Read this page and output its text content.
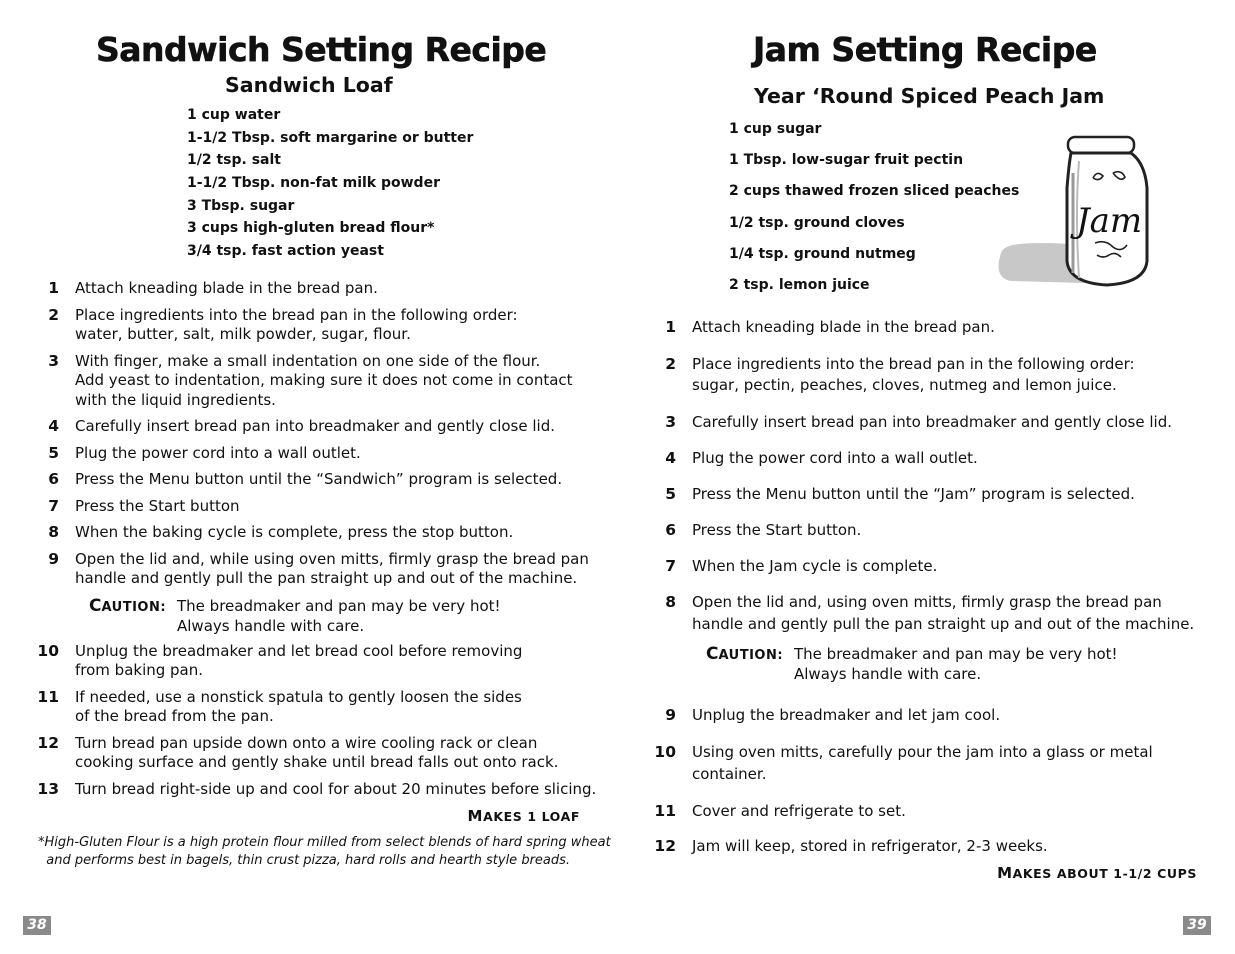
Sandwich Setting Recipe
Sandwich Loaf
1 cup water
1-1/2 Tbsp. soft margarine or butter
1/2 tsp. salt
1-1/2 Tbsp. non-fat milk powder
3 Tbsp. sugar
3 cups high-gluten bread flour*
3/4 tsp. fast action yeast
1 Attach kneading blade in the bread pan.
2 Place ingredients into the bread pan in the following order:
water, butter, salt, milk powder, sugar, flour.
3 With finger, make a small indentation on one side of the flour.
Add yeast to indentation, making sure it does not come in contact
with the liquid ingredients.
4 Carefully insert bread pan into breadmaker and gently close lid.
5 Plug the power cord into a wall outlet.
6 Press the Menu button until the “Sandwich” program is selected.
7 Press the Start button
8 When the baking cycle is complete, press the stop button.
9 Open the lid and, while using oven mitts, firmly grasp the bread pan
handle and gently pull the pan straight up and out of the machine.
10 Unplug the breadmaker and let bread cool before removing
from baking pan.
11 If needed, use a nonstick spatula to gently loosen the sides
of the bread from the pan.
12 Turn bread pan upside down onto a wire cooling rack or clean
cooking surface and gently shake until bread falls out onto rack.
13 Turn bread right-side up and cool for about 20 minutes before slicing.
CAUTION: The breadmaker and pan may be very hot!
Always handle with care.
MAKES 1 LOAF
*High-Gluten Flour is a high protein flour milled from select blends of hard spring wheat
and performs best in bagels, thin crust pizza, hard rolls and hearth style breads.
38
Jam Setting Recipe
Year ‘Round Spiced Peach Jam
1 cup sugar
1 Tbsp. low-sugar fruit pectin
2 cups thawed frozen sliced peaches
1/2 tsp. ground cloves
1/4 tsp. ground nutmeg
2 tsp. lemon juice
Jam
1 Attach kneading blade in the bread pan.
2 Place ingredients into the bread pan in the following order:
sugar, pectin, peaches, cloves, nutmeg and lemon juice.
3 Carefully insert bread pan into breadmaker and gently close lid.
4 Plug the power cord into a wall outlet.
5 Press the Menu button until the “Jam” program is selected.
6 Press the Start button.
7 When the Jam cycle is complete.
8 Open the lid and, using oven mitts, firmly grasp the bread pan
handle and gently pull the pan straight up and out of the machine.
9 Unplug the breadmaker and let jam cool.
10 Using oven mitts, carefully pour the jam into a glass or metal
container.
11 Cover and refrigerate to set.
12 Jam will keep, stored in refrigerator, 2-3 weeks.
CAUTION: The breadmaker and pan may be very hot!
Always handle with care.
MAKES ABOUT 1-1/2 CUPS
39
